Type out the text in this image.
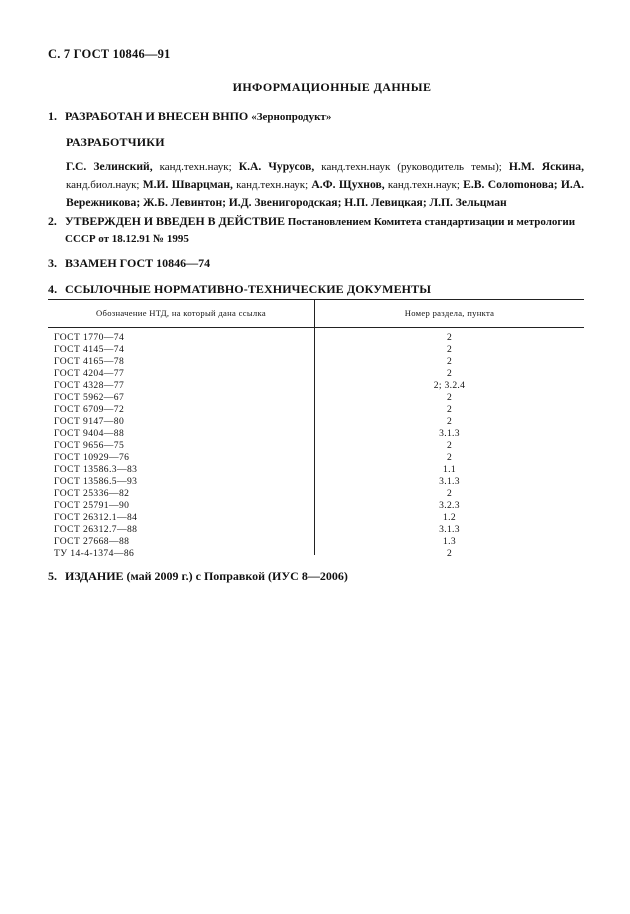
С. 7 ГОСТ 10846—91
ИНФОРМАЦИОННЫЕ ДАННЫЕ
1. РАЗРАБОТАН И ВНЕСЕН ВНПО «Зернопродукт»
РАЗРАБОТЧИКИ
Г.С. Зелинский, канд.техн.наук; К.А. Чурусов, канд.техн.наук (руководитель темы); Н.М. Яскина, канд.биол.наук; М.И. Шварцман, канд.техн.наук; А.Ф. Щухнов, канд.техн.наук; Е.В. Солomонова; И.А. Вережникова; Ж.Б. Левинтон; И.Д. Звенигородская; Н.П. Левицкая; Л.П. Зельцман
2. УТВЕРЖДЕН И ВВЕДЕН В ДЕЙСТВИЕ Постановлением Комитета стандартизации и метрологии СССР от 18.12.91 № 1995
3. ВЗАМЕН ГОСТ 10846—74
4. ССЫЛОЧНЫЕ НОРМАТИВНО-ТЕХНИЧЕСКИЕ ДОКУМЕНТЫ
Обозначение НТД, на который дана ссылка	Номер раздела, пункта
ГОСТ 1770—74	2
ГОСТ 4145—74	2
ГОСТ 4165—78	2
ГОСТ 4204—77	2
ГОСТ 4328—77	2; 3.2.4
ГОСТ 5962—67	2
ГОСТ 6709—72	2
ГОСТ 9147—80	2
ГОСТ 9404—88	3.1.3
ГОСТ 9656—75	2
ГОСТ 10929—76	2
ГОСТ 13586.3—83	1.1
ГОСТ 13586.5—93	3.1.3
ГОСТ 25336—82	2
ГОСТ 25791—90	3.2.3
ГОСТ 26312.1—84	1.2
ГОСТ 26312.7—88	3.1.3
ГОСТ 27668—88	1.3
ТУ 14-4-1374—86	2
5. ИЗДАНИЕ (май 2009 г.) с Поправкой (ИУС 8—2006)
